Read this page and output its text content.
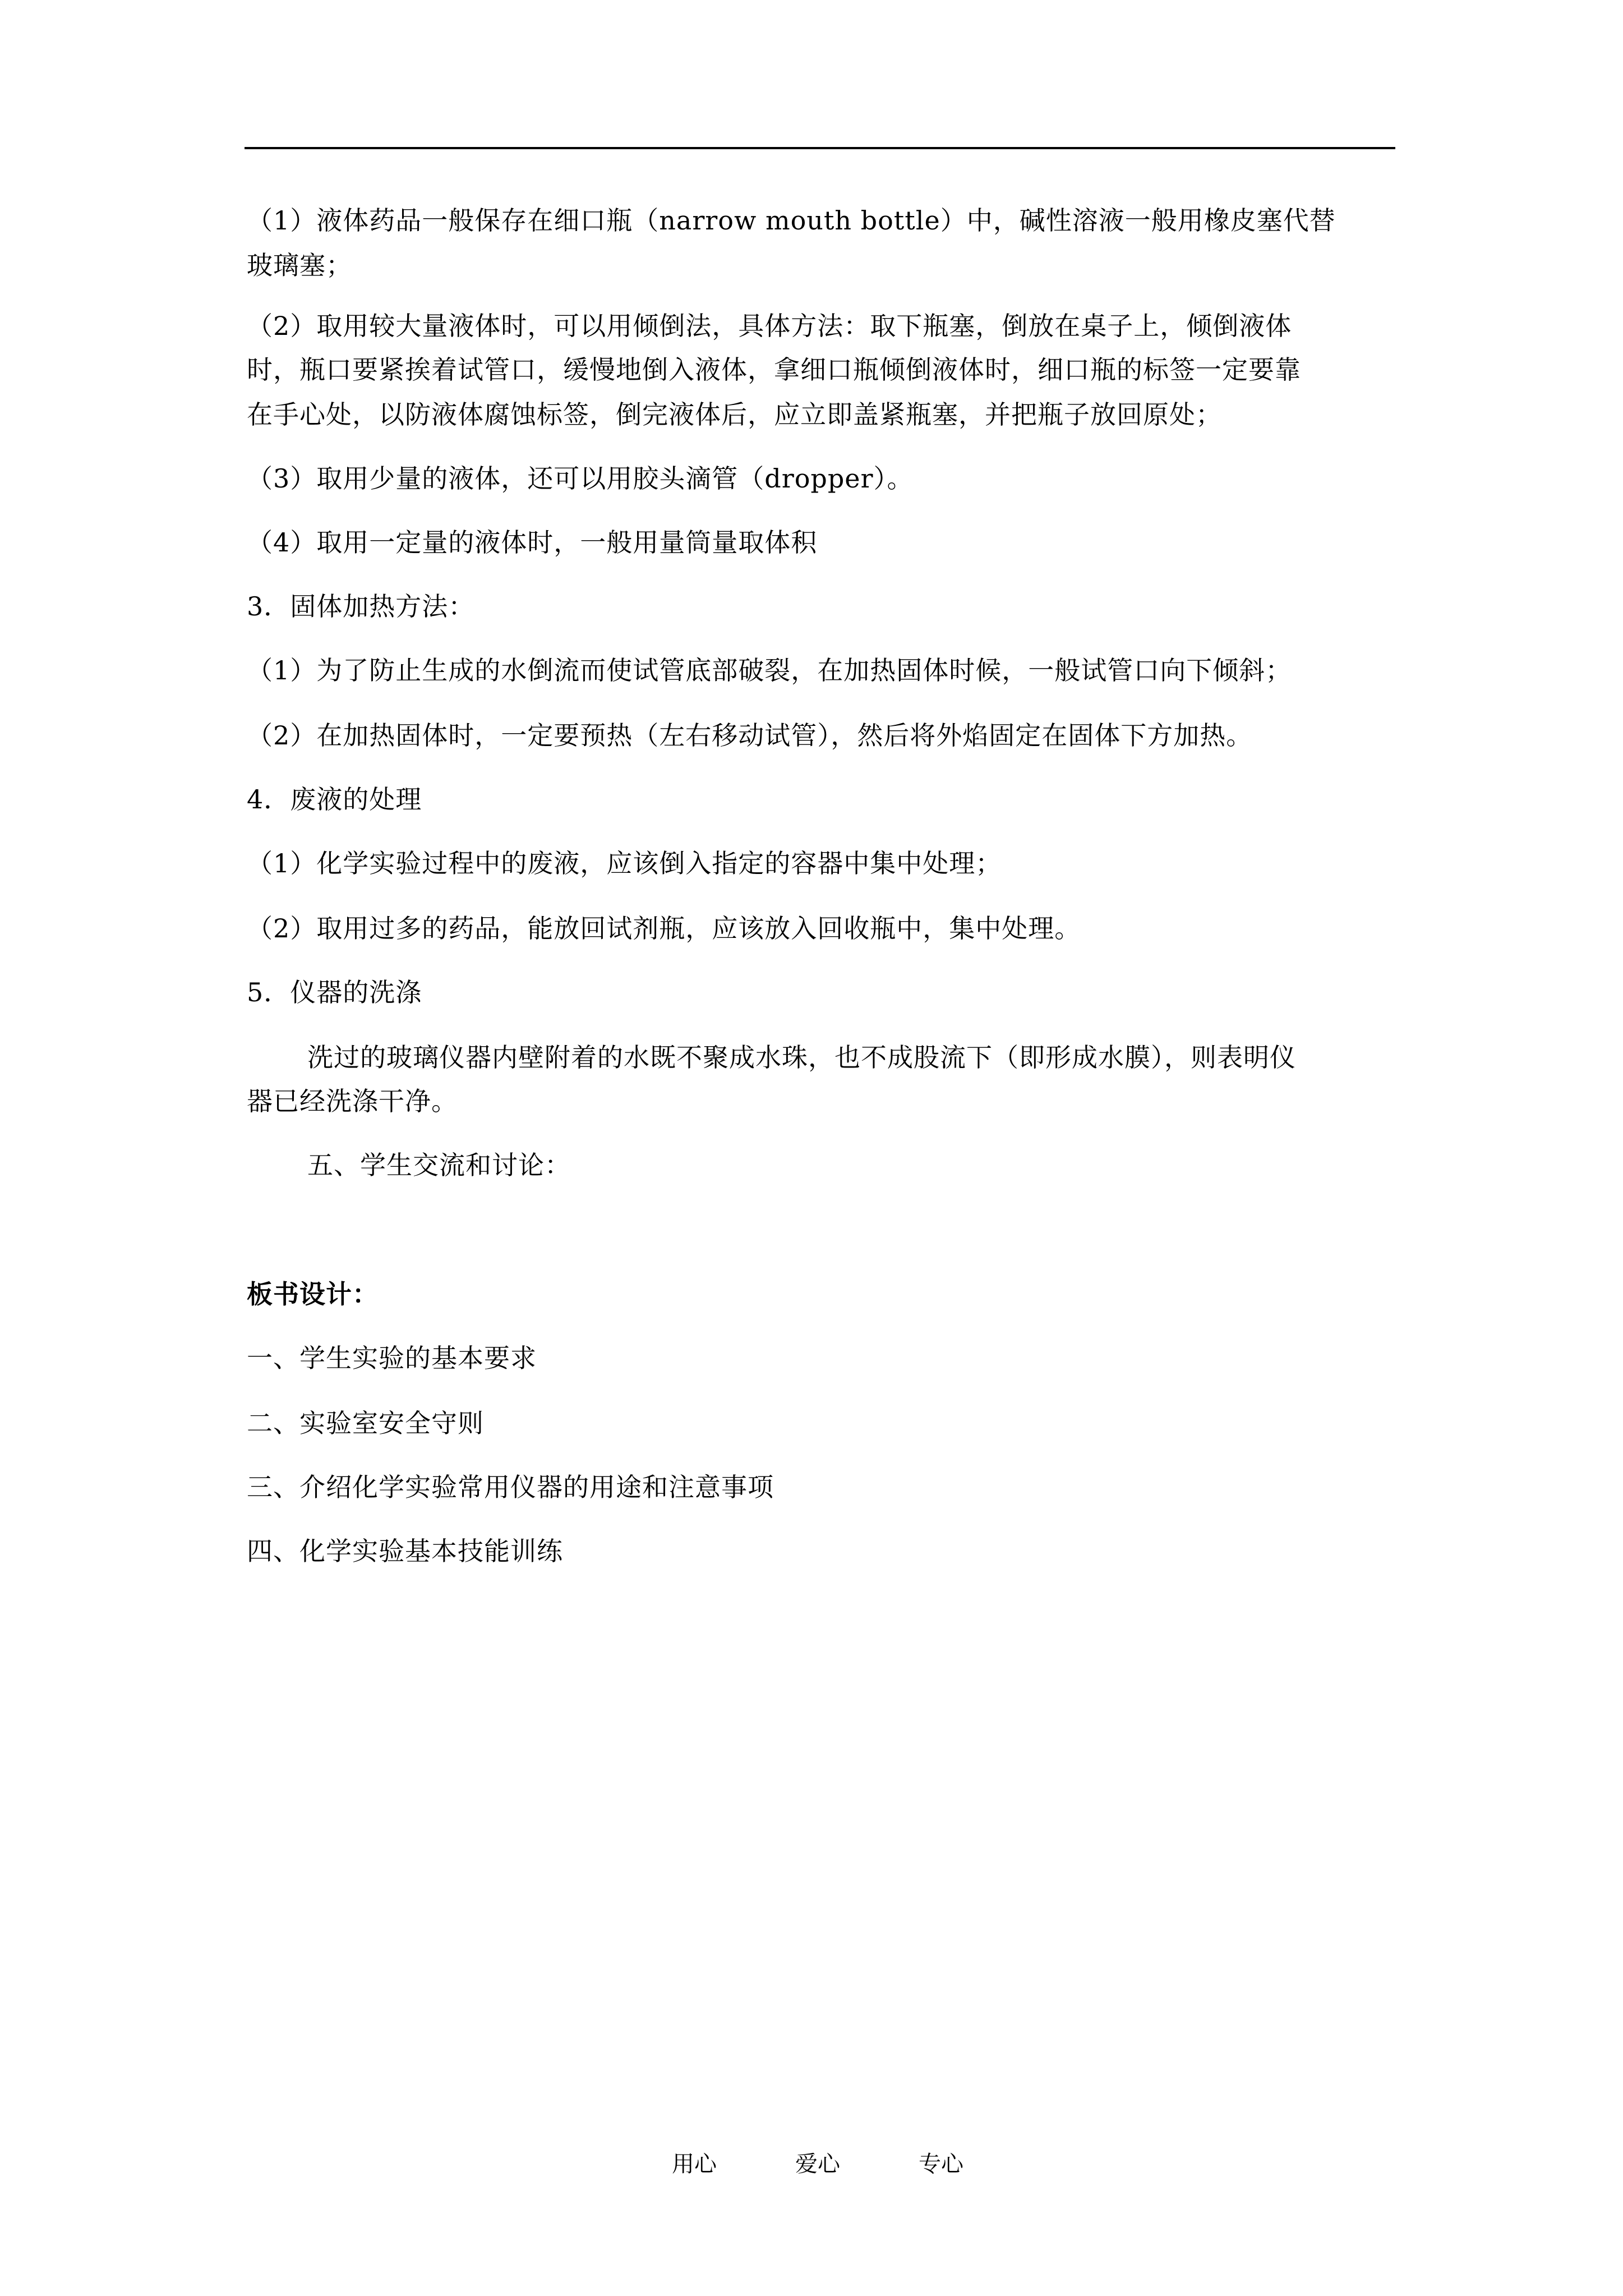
（1）液体药品一般保存在细口瓶（narrow mouth bottle）中，碱性溶液一般用橡皮塞代替

玻璃塞；

（2）取用较大量液体时，可以用倾倒法，具体方法：取下瓶塞，倒放在桌子上，倾倒液体

时，瓶口要紧挨着试管口，缓慢地倒入液体，拿细口瓶倾倒液体时，细口瓶的标签一定要靠

在手心处，以防液体腐蚀标签，倒完液体后，应立即盖紧瓶塞，并把瓶子放回原处；

（3）取用少量的液体，还可以用胶头滴管（dropper）。

（4）取用一定量的液体时，一般用量筒量取体积

3．固体加热方法：

（1）为了防止生成的水倒流而使试管底部破裂，在加热固体时候，一般试管口向下倾斜；

（2）在加热固体时，一定要预热（左右移动试管），然后将外焰固定在固体下方加热。

4．废液的处理

（1）化学实验过程中的废液，应该倒入指定的容器中集中处理；

（2）取用过多的药品，能放回试剂瓶，应该放入回收瓶中，集中处理。

5．仪器的洗涤

洗过的玻璃仪器内壁附着的水既不聚成水珠，也不成股流下（即形成水膜），则表明仪

器已经洗涤干净。

五、学生交流和讨论：

板书设计：

一、学生实验的基本要求

二、实验室安全守则

三、介绍化学实验常用仪器的用途和注意事项

四、化学实验基本技能训练

用心	爱心	专心
